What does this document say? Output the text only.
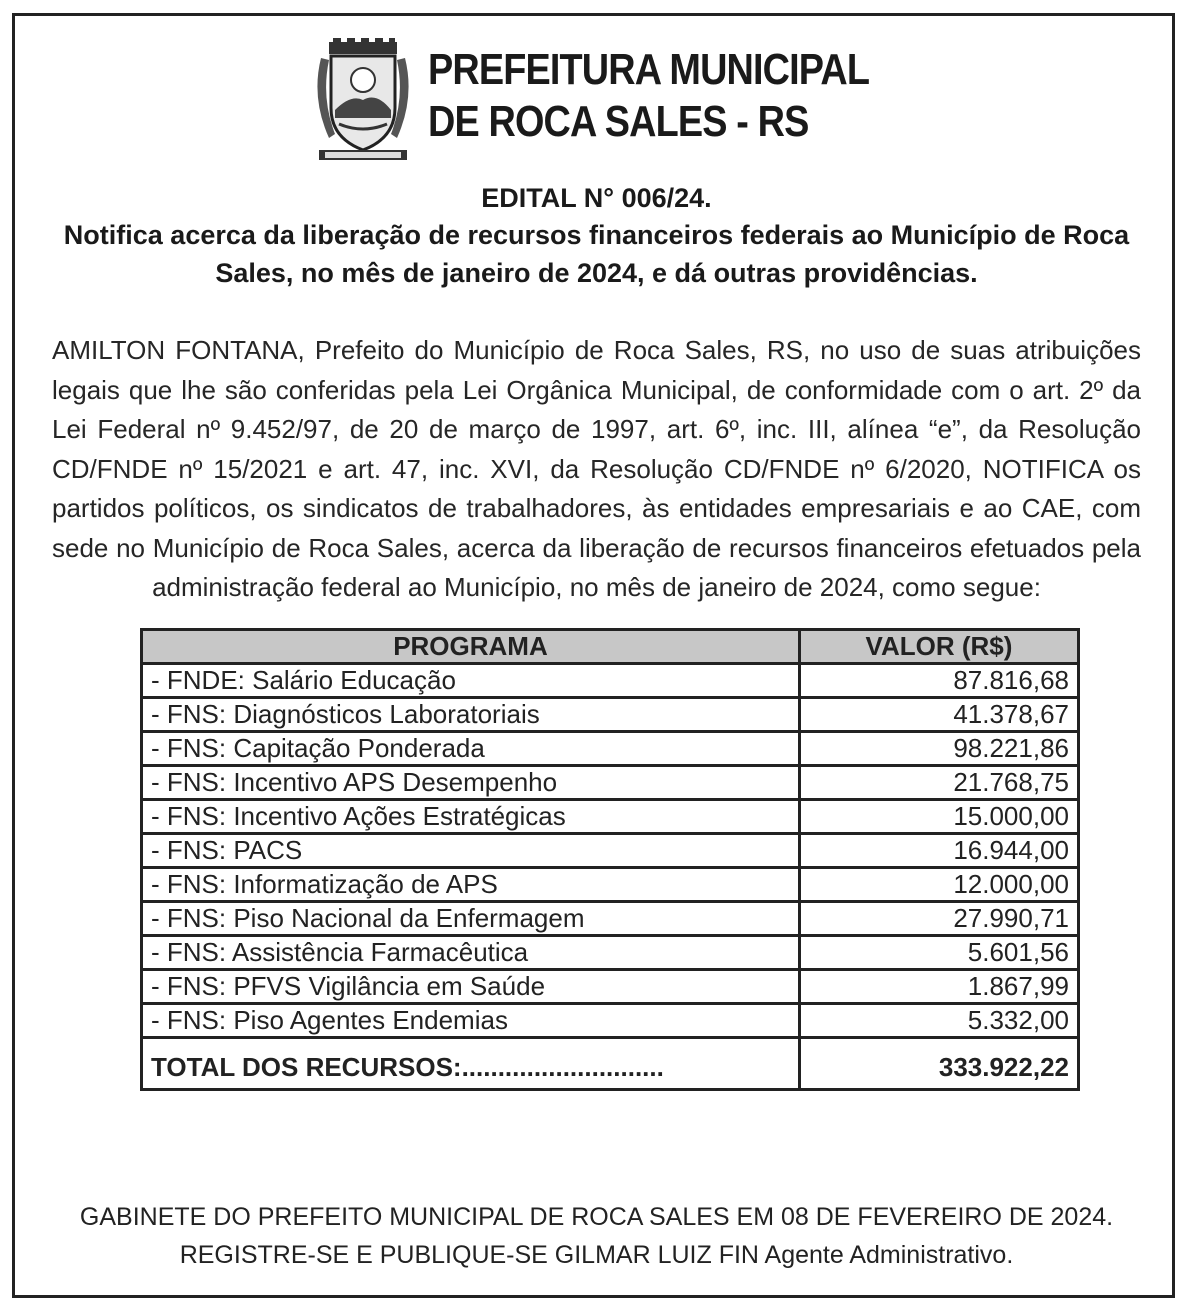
PREFEITURA MUNICIPAL
DE ROCA SALES - RS
EDITAL N° 006/24.
Notifica acerca da liberação de recursos financeiros federais ao Município de Roca Sales, no mês de janeiro de 2024, e dá outras providências.
AMILTON FONTANA, Prefeito do Município de Roca Sales, RS, no uso de suas atribuições legais que lhe são conferidas pela Lei Orgânica Municipal, de conformidade com o art. 2º da Lei Federal nº 9.452/97, de 20 de março de 1997, art. 6º, inc. III, alínea “e”, da Resolução CD/FNDE nº 15/2021 e art. 47, inc. XVI, da Resolução CD/FNDE nº 6/2020, NOTIFICA os partidos políticos, os sindicatos de trabalhadores, às entidades empresariais e ao CAE, com sede no Município de Roca Sales, acerca da liberação de recursos financeiros efetuados pela administração federal ao Município, no mês de janeiro de 2024, como segue:
PROGRAMA	VALOR (R$)
- FNDE: Salário Educação	87.816,68
- FNS: Diagnósticos Laboratoriais	41.378,67
- FNS: Capitação Ponderada	98.221,86
- FNS: Incentivo APS Desempenho	21.768,75
- FNS: Incentivo Ações Estratégicas	15.000,00
- FNS: PACS	16.944,00
- FNS: Informatização de APS	12.000,00
- FNS: Piso Nacional da Enfermagem	27.990,71
- FNS: Assistência Farmacêutica	5.601,56
- FNS: PFVS Vigilância em Saúde	1.867,99
- FNS: Piso Agentes Endemias	5.332,00
TOTAL DOS RECURSOS:............................	333.922,22
GABINETE DO PREFEITO MUNICIPAL DE ROCA SALES EM 08 DE FEVEREIRO DE 2024.
REGISTRE-SE E PUBLIQUE-SE GILMAR LUIZ FIN Agente Administrativo.
